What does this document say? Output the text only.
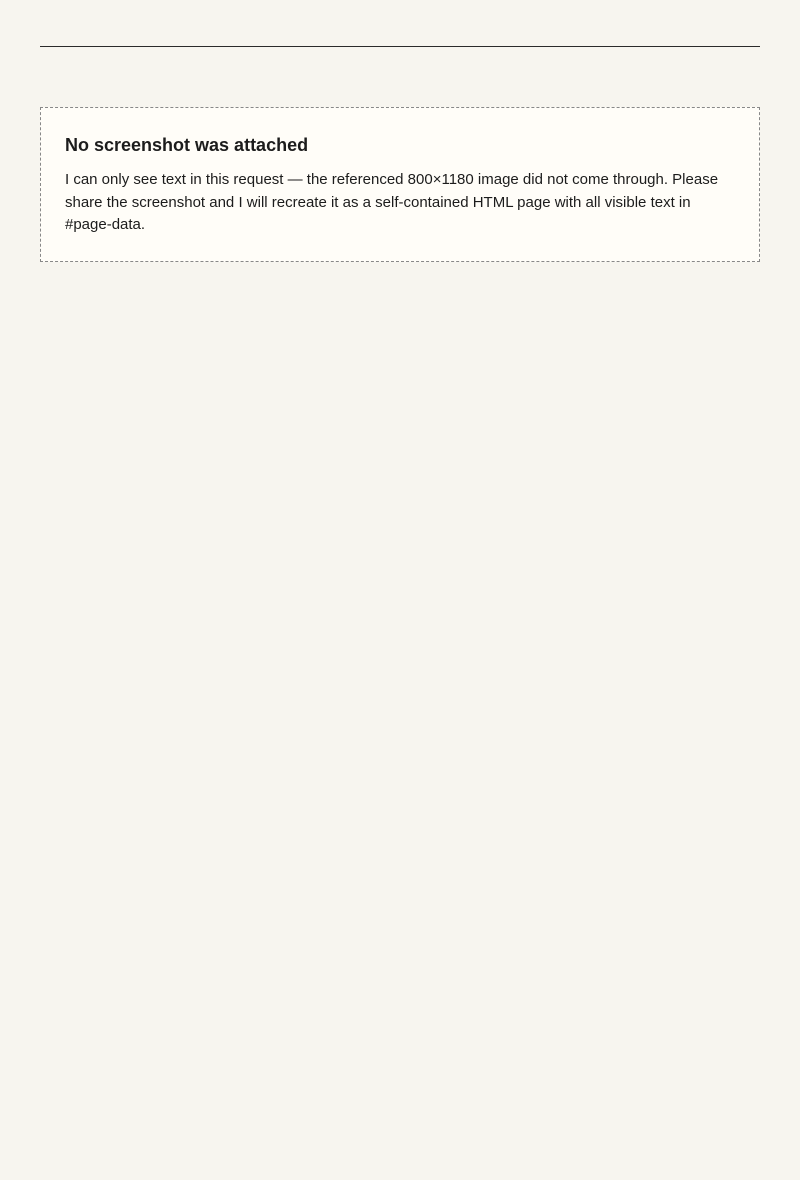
No screenshot was attached
I can only see text in this request — the referenced 800×1180 image did not come through. Please share the screenshot and I will recreate it as a self-contained HTML page with all visible text in #page-data.
